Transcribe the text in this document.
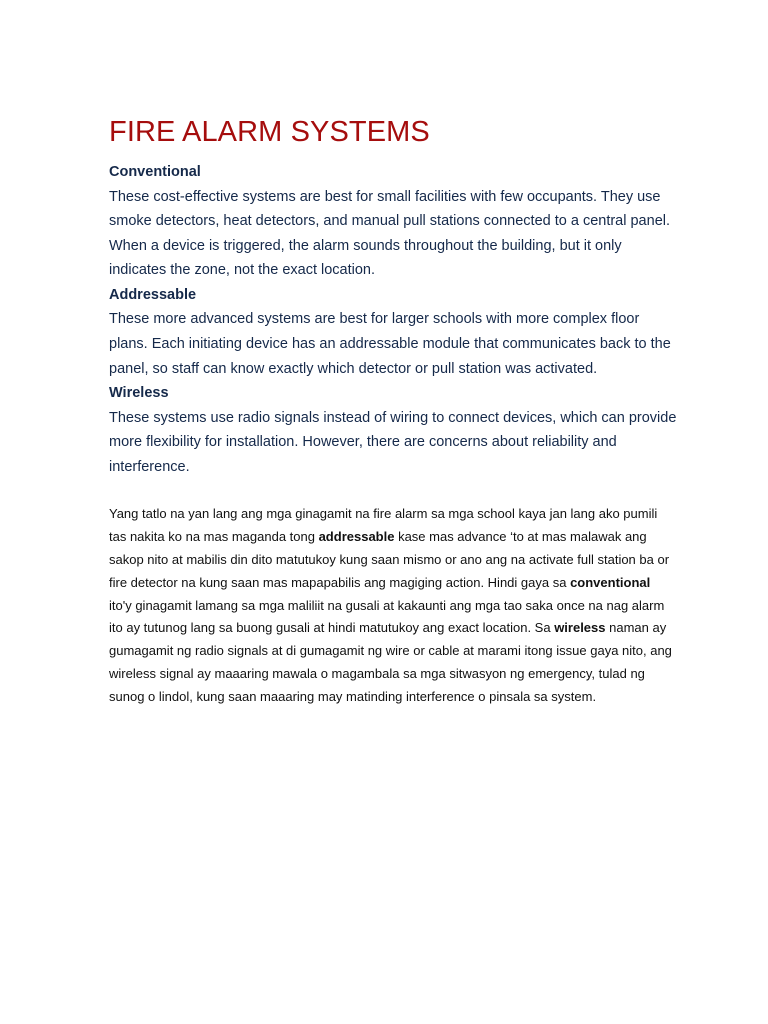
FIRE ALARM SYSTEMS
Conventional

These cost-effective systems are best for small facilities with few occupants. They use smoke detectors, heat detectors, and manual pull stations connected to a central panel. When a device is triggered, the alarm sounds throughout the building, but it only indicates the zone, not the exact location.

Addressable

These more advanced systems are best for larger schools with more complex floor plans. Each initiating device has an addressable module that communicates back to the panel, so staff can know exactly which detector or pull station was activated.

Wireless

These systems use radio signals instead of wiring to connect devices, which can provide more flexibility for installation. However, there are concerns about reliability and interference.

Yang tatlo na yan lang ang mga ginagamit na fire alarm sa mga school kaya jan lang ako pumili tas nakita ko na mas maganda tong addressable kase mas advance ‘to at mas malawak ang sakop nito at mabilis din dito matutukoy kung saan mismo or ano ang na activate full station ba or fire detector na kung saan mas mapapabilis ang magiging action. Hindi gaya sa conventional ito'y ginagamit lamang sa mga maliliit na gusali at kakaunti ang mga tao saka once na nag alarm ito ay tutunog lang sa buong gusali at hindi matutukoy ang exact location. Sa wireless naman ay gumagamit ng radio signals at di gumagamit ng wire or cable at marami itong issue gaya nito, ang wireless signal ay maaaring mawala o magambala sa mga sitwasyon ng emergency, tulad ng sunog o lindol, kung saan maaaring may matinding interference o pinsala sa system.
